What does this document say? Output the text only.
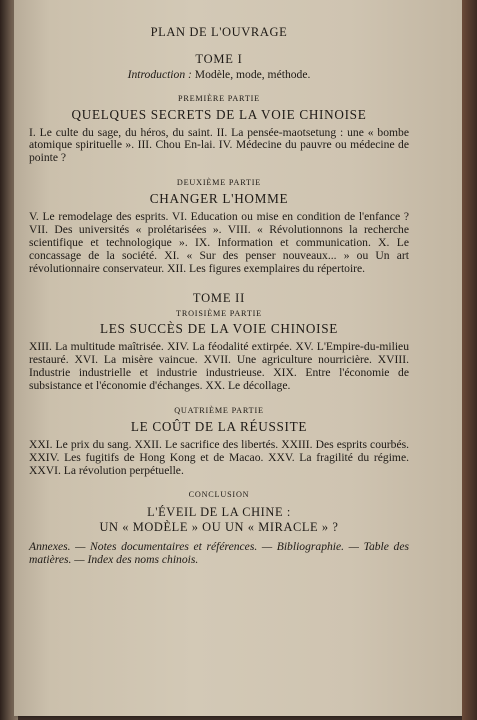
PLAN DE L'OUVRAGE
TOME I
Introduction : Modèle, mode, méthode.
PREMIÈRE PARTIE
QUELQUES SECRETS DE LA VOIE CHINOISE
I. Le culte du sage, du héros, du saint. II. La pensée-maotsetung : une « bombe atomique spirituelle ». III. Chou En-lai. IV. Médecine du pauvre ou médecine de pointe ?
DEUXIÈME PARTIE
CHANGER L'HOMME
V. Le remodelage des esprits. VI. Education ou mise en condition de l'enfance ? VII. Des universités « prolétarisées ». VIII. « Révolutionnons la recherche scientifique et technologique ». IX. Information et communication. X. Le concassage de la société. XI. « Sur des penser nouveaux... » ou Un art révolutionnaire conservateur. XII. Les figures exemplaires du répertoire.
TOME II
TROISIÈME PARTIE
LES SUCCÈS DE LA VOIE CHINOISE
XIII. La multitude maîtrisée. XIV. La féodalité extirpée. XV. L'Empire-du-milieu restauré. XVI. La misère vaincue. XVII. Une agriculture nourricière. XVIII. Industrie industrielle et industrie industrieuse. XIX. Entre l'économie de subsistance et l'économie d'échanges. XX. Le décollage.
QUATRIÈME PARTIE
LE COÛT DE LA RÉUSSITE
XXI. Le prix du sang. XXII. Le sacrifice des libertés. XXIII. Des esprits courbés. XXIV. Les fugitifs de Hong Kong et de Macao. XXV. La fragilité du régime. XXVI. La révolution perpétuelle.
CONCLUSION
L'ÉVEIL DE LA CHINE :
UN « MODÈLE » OU UN « MIRACLE » ?
Annexes. — Notes documentaires et références. — Bibliographie. — Table des matières. — Index des noms chinois.
